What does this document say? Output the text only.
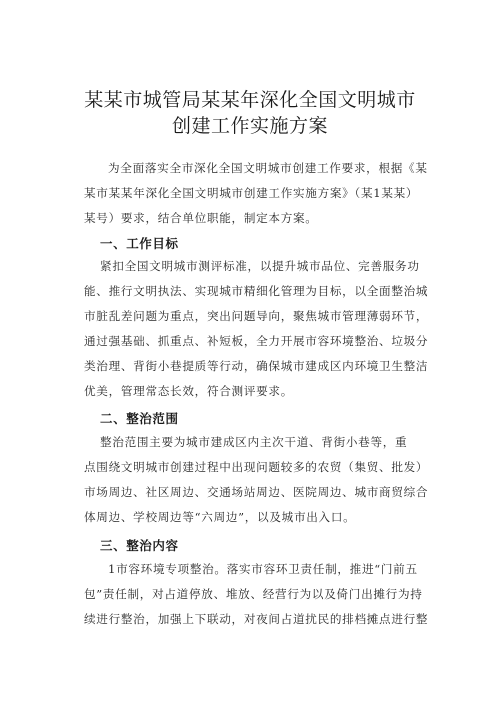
某某市城管局某某年深化全国文明城市
创建工作实施方案
为全面落实全市深化全国文明城市创建工作要求，根据《某
某市某某年深化全国文明城市创建工作实施方案》（某1某某）
某号）要求，结合单位职能，制定本方案。
一、工作目标
紧扣全国文明城市测评标准，以提升城市品位、完善服务功
能、推行文明执法、实现城市精细化管理为目标，以全面整治城
市脏乱差问题为重点，突出问题导向，聚焦城市管理薄弱环节，
通过强基础、抓重点、补短板，全力开展市容环境整治、垃圾分
类治理、背街小巷提质等行动，确保城市建成区内环境卫生整洁
优美，管理常态长效，符合测评要求。
二、整治范围
整治范围主要为城市建成区内主次干道、背街小巷等，重
点围绕文明城市创建过程中出现问题较多的农贸（集贸、批发）
市场周边、社区周边、交通场站周边、医院周边、城市商贸综合
体周边、学校周边等“六周边”，以及城市出入口。
三、整治内容
1市容环境专项整治。落实市容环卫责任制，推进“门前五
包”责任制，对占道停放、堆放、经营行为以及倚门出摊行为持
续进行整治，加强上下联动，对夜间占道扰民的排档摊点进行整
